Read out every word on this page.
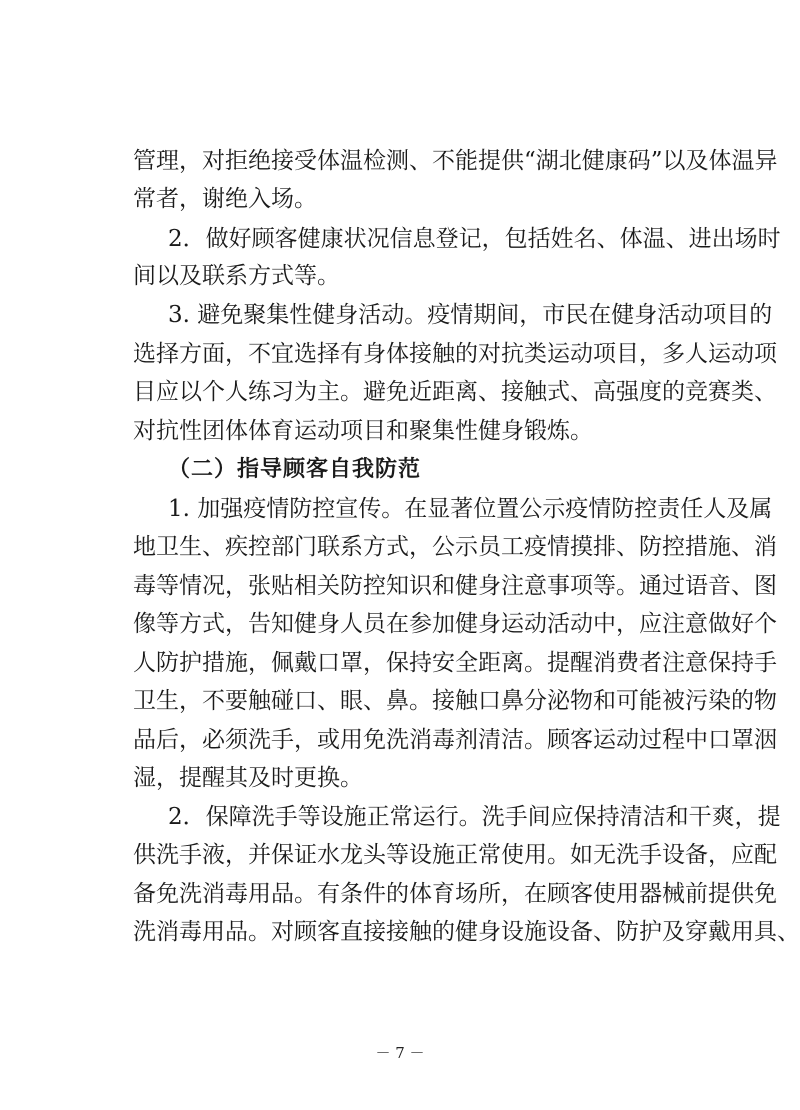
管理，对拒绝接受体温检测、不能提供“湖北健康码”以及体温异
常者，谢绝入场。
2．做好顾客健康状况信息登记，包括姓名、体温、进出场时
间以及联系方式等。
3. 避免聚集性健身活动。疫情期间，市民在健身活动项目的
选择方面，不宜选择有身体接触的对抗类运动项目，多人运动项
目应以个人练习为主。避免近距离、接触式、高强度的竞赛类、
对抗性团体体育运动项目和聚集性健身锻炼。
（二）指导顾客自我防范
1. 加强疫情防控宣传。在显著位置公示疫情防控责任人及属
地卫生、疾控部门联系方式，公示员工疫情摸排、防控措施、消
毒等情况，张贴相关防控知识和健身注意事项等。通过语音、图
像等方式，告知健身人员在参加健身运动活动中，应注意做好个
人防护措施，佩戴口罩，保持安全距离。提醒消费者注意保持手
卫生，不要触碰口、眼、鼻。接触口鼻分泌物和可能被污染的物
品后，必须洗手，或用免洗消毒剂清洁。顾客运动过程中口罩洇
湿，提醒其及时更换。
2．保障洗手等设施正常运行。洗手间应保持清洁和干爽，提
供洗手液，并保证水龙头等设施正常使用。如无洗手设备，应配
备免洗消毒用品。有条件的体育场所，在顾客使用器械前提供免
洗消毒用品。对顾客直接接触的健身设施设备、防护及穿戴用具、
－ 7 －
